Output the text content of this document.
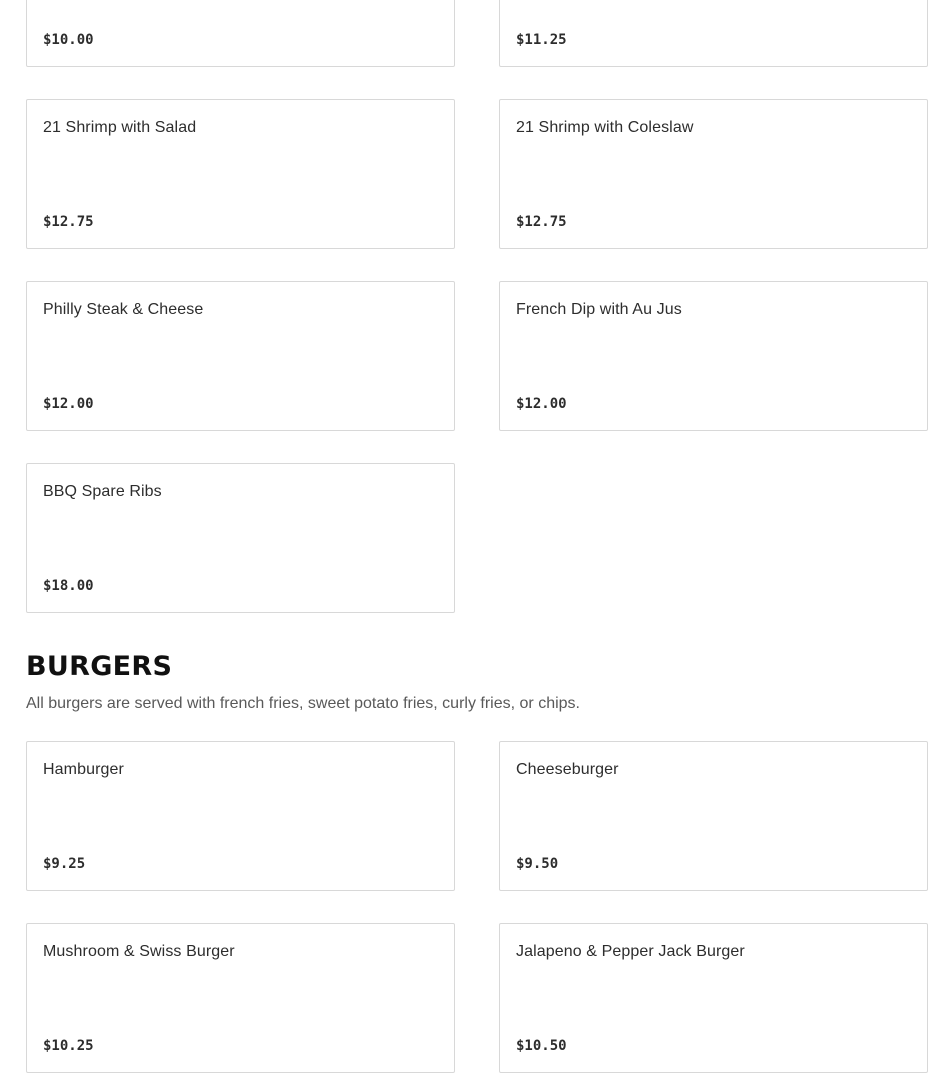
$10.00	$11.25
21 Shrimp with Salad
$12.75
21 Shrimp with Coleslaw
$12.75
Philly Steak & Cheese
$12.00
French Dip with Au Jus
$12.00
BBQ Spare Ribs
$18.00
BURGERS

All burgers are served with french fries, sweet potato fries, curly fries, or chips.

Hamburger
$9.25
Cheeseburger
$9.50
Mushroom & Swiss Burger
$10.25
Jalapeno & Pepper Jack Burger
$10.50
